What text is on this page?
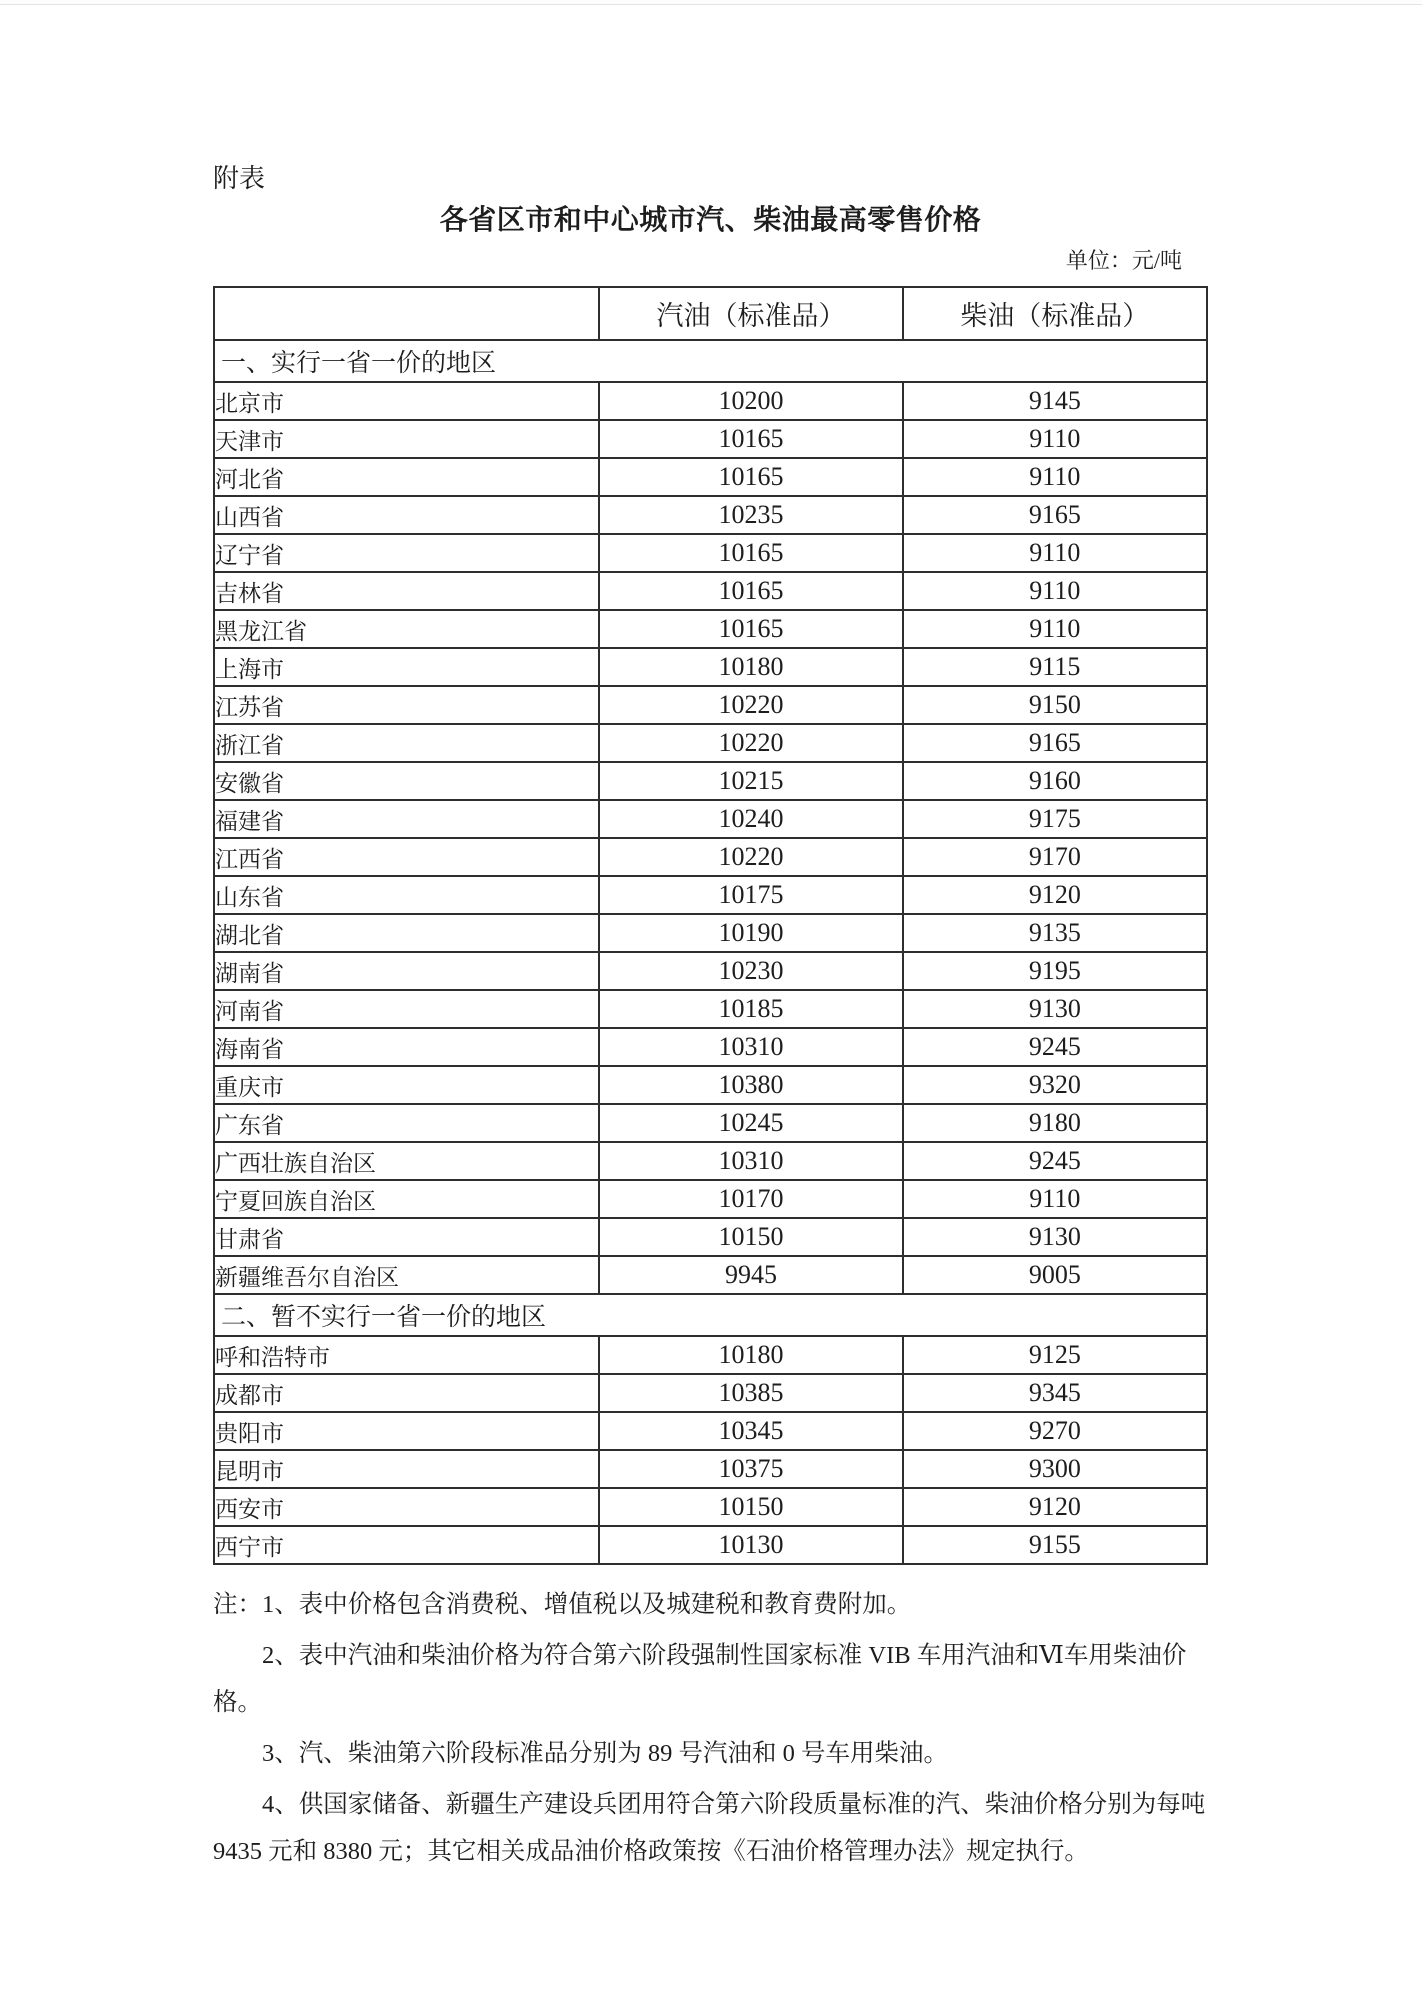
附表
各省区市和中心城市汽、柴油最高零售价格
单位：元/吨
	汽油（标准品）	柴油（标准品）
一、实行一省一价的地区		
北京市	10200	9145
天津市	10165	9110
河北省	10165	9110
山西省	10235	9165
辽宁省	10165	9110
吉林省	10165	9110
黑龙江省	10165	9110
上海市	10180	9115
江苏省	10220	9150
浙江省	10220	9165
安徽省	10215	9160
福建省	10240	9175
江西省	10220	9170
山东省	10175	9120
湖北省	10190	9135
湖南省	10230	9195
河南省	10185	9130
海南省	10310	9245
重庆市	10380	9320
广东省	10245	9180
广西壮族自治区	10310	9245
宁夏回族自治区	10170	9110
甘肃省	10150	9130
新疆维吾尔自治区	9945	9005
二、暂不实行一省一价的地区		
呼和浩特市	10180	9125
成都市	10385	9345
贵阳市	10345	9270
昆明市	10375	9300
西安市	10150	9120
西宁市	10130	9155

注：1、表中价格包含消费税、增值税以及城建税和教育费附加。

2、表中汽油和柴油价格为符合第六阶段强制性国家标准 VIB 车用汽油和Ⅵ车用柴油价格。

3、汽、柴油第六阶段标准品分别为 89 号汽油和 0 号车用柴油。

4、供国家储备、新疆生产建设兵团用符合第六阶段质量标准的汽、柴油价格分别为每吨 9435 元和 8380 元；其它相关成品油价格政策按《石油价格管理办法》规定执行。
